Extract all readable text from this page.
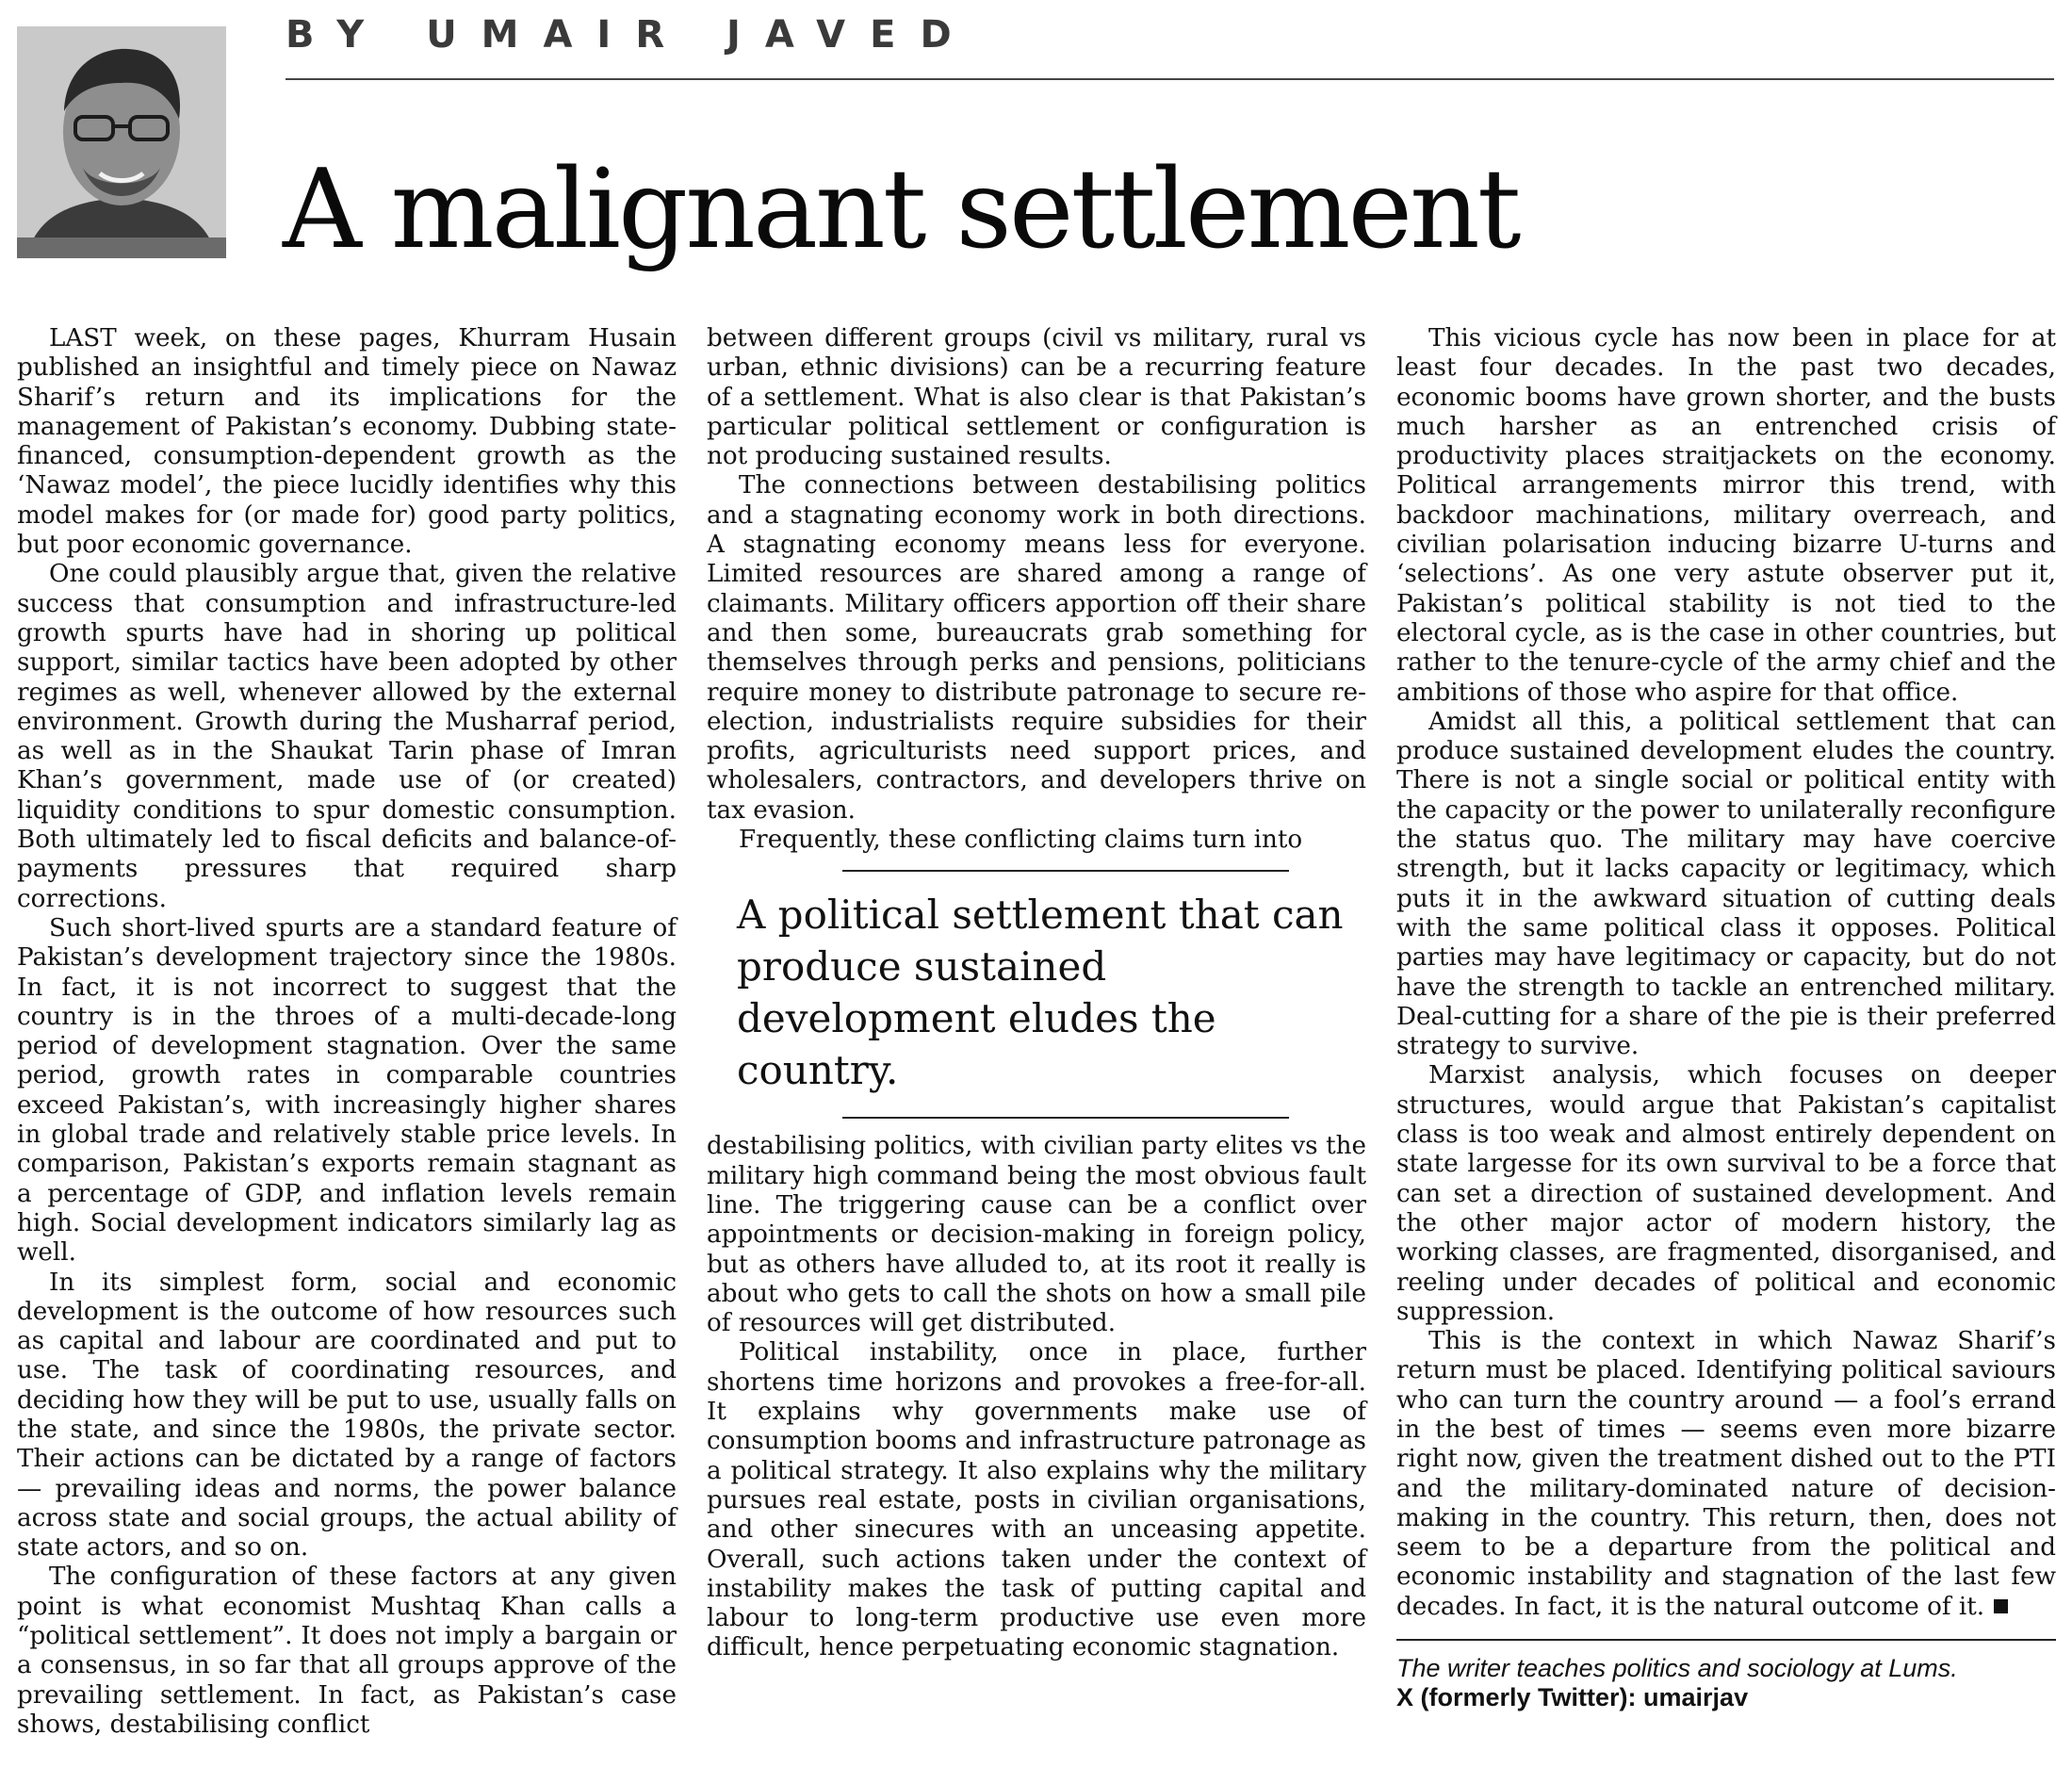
BY UMAIR JAVED
A malignant settlement

LAST week, on these pages, Khurram Husain published an insightful and timely piece on Nawaz Sharif’s return and its implications for the management of Pakistan’s economy. Dubbing state-financed, consumption-dependent growth as the ‘Nawaz model’, the piece lucidly identifies why this model makes for (or made for) good party politics, but poor economic governance.

One could plausibly argue that, given the relative success that consumption and infrastructure-led growth spurts have had in shoring up political support, similar tactics have been adopted by other regimes as well, whenever allowed by the external environment. Growth during the Musharraf period, as well as in the Shaukat Tarin phase of Imran Khan’s government, made use of (or created) liquidity conditions to spur domestic consumption. Both ultimately led to fiscal deficits and balance-of-payments pressures that required sharp corrections.

Such short-lived spurts are a standard feature of Pakistan’s development trajectory since the 1980s. In fact, it is not incorrect to suggest that the country is in the throes of a multi-decade-long period of development stagnation. Over the same period, growth rates in comparable countries exceed Pakistan’s, with increasingly higher shares in global trade and relatively stable price levels. In comparison, Pakistan’s exports remain stagnant as a percentage of GDP, and inflation levels remain high. Social development indicators similarly lag as well.

In its simplest form, social and economic development is the outcome of how resources such as capital and labour are coordinated and put to use. The task of coordinating resources, and deciding how they will be put to use, usually falls on the state, and since the 1980s, the private sector. Their actions can be dictated by a range of factors — prevailing ideas and norms, the power balance across state and social groups, the actual ability of state actors, and so on.

The configuration of these factors at any given point is what economist Mushtaq Khan calls a “political settlement”. It does not imply a bargain or a consensus, in so far that all groups approve of the prevailing settlement. In fact, as Pakistan’s case shows, destabilising conflict

between different groups (civil vs military, rural vs urban, ethnic divisions) can be a recurring feature of a settlement. What is also clear is that Pakistan’s particular political settlement or configuration is not producing sustained results.

The connections between destabilising politics and a stagnating economy work in both directions. A stagnating economy means less for everyone. Limited resources are shared among a range of claimants. Military officers apportion off their share and then some, bureaucrats grab something for themselves through perks and pensions, politicians require money to distribute patronage to secure re-election, industrialists require subsidies for their profits, agriculturists need support prices, and wholesalers, contractors, and developers thrive on tax evasion.

Frequently, these conflicting claims turn into

A political settlement that can produce sustained development eludes the country.

destabilising politics, with civilian party elites vs the military high command being the most obvious fault line. The triggering cause can be a conflict over appointments or decision-making in foreign policy, but as others have alluded to, at its root it really is about who gets to call the shots on how a small pile of resources will get distributed.

Political instability, once in place, further shortens time horizons and provokes a free-for-all. It explains why governments make use of consumption booms and infrastructure patronage as a political strategy. It also explains why the military pursues real estate, posts in civilian organisations, and other sinecures with an unceasing appetite. Overall, such actions taken under the context of instability makes the task of putting capital and labour to long-term productive use even more difficult, hence perpetuating economic stagnation.

This vicious cycle has now been in place for at least four decades. In the past two decades, economic booms have grown shorter, and the busts much harsher as an entrenched crisis of productivity places straitjackets on the economy. Political arrangements mirror this trend, with backdoor machinations, military overreach, and civilian polarisation inducing bizarre U-turns and ‘selections’. As one very astute observer put it, Pakistan’s political stability is not tied to the electoral cycle, as is the case in other countries, but rather to the tenure-cycle of the army chief and the ambitions of those who aspire for that office.

Amidst all this, a political settlement that can produce sustained development eludes the country. There is not a single social or political entity with the capacity or the power to unilaterally reconfigure the status quo. The military may have coercive strength, but it lacks capacity or legitimacy, which puts it in the awkward situation of cutting deals with the same political class it opposes. Political parties may have legitimacy or capacity, but do not have the strength to tackle an entrenched military. Deal-cutting for a share of the pie is their preferred strategy to survive.

Marxist analysis, which focuses on deeper structures, would argue that Pakistan’s capitalist class is too weak and almost entirely dependent on state largesse for its own survival to be a force that can set a direction of sustained development. And the other major actor of modern history, the working classes, are fragmented, disorganised, and reeling under decades of political and economic suppression.

This is the context in which Nawaz Sharif’s return must be placed. Identifying political saviours who can turn the country around — a fool’s errand in the best of times — seems even more bizarre right now, given the treatment dished out to the PTI and the military-dominated nature of decision-making in the country. This return, then, does not seem to be a departure from the political and economic instability and stagnation of the last few decades. In fact, it is the natural outcome of it.

The writer teaches politics and sociology at Lums.
X (formerly Twitter): umairjav
